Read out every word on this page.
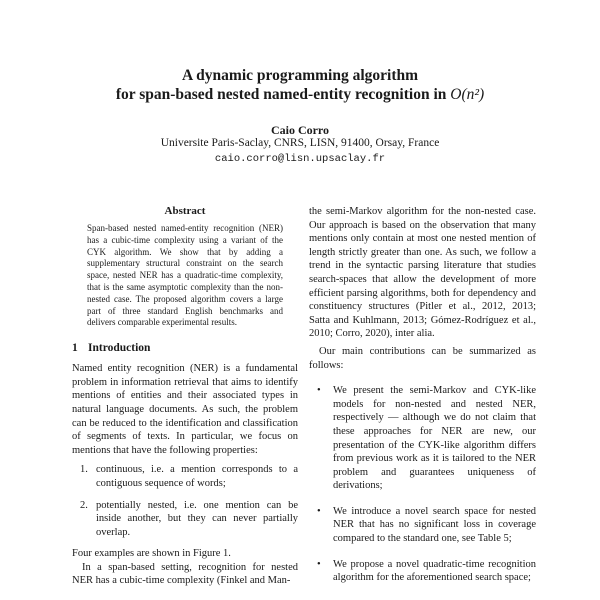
A dynamic programming algorithm
for span-based nested named-entity recognition in O(n²)
Caio Corro
Universite Paris-Saclay, CNRS, LISN, 91400, Orsay, France
caio.corro@lisn.upsaclay.fr
Abstract

Span-based nested named-entity recognition (NER) has a cubic-time complexity using a variant of the CYK algorithm. We show that by adding a supplementary structural constraint on the search space, nested NER has a quadratic-time complexity, that is the same asymptotic complexity than the non-nested case. The proposed algorithm covers a large part of three standard English benchmarks and delivers comparable experimental results.

1 Introduction

Named entity recognition (NER) is a fundamental problem in information retrieval that aims to identify mentions of entities and their associated types in natural language documents. As such, the problem can be reduced to the identification and classification of segments of texts. In particular, we focus on mentions that have the following properties:

1. continuous, i.e. a mention corresponds to a contiguous sequence of words;
2. potentially nested, i.e. one mention can be inside another, but they can never partially overlap.

Four examples are shown in Figure 1.

In a span-based setting, recognition for nested NER has a cubic-time complexity (Finkel and Man-

the semi-Markov algorithm for the non-nested case. Our approach is based on the observation that many mentions only contain at most one nested mention of length strictly greater than one. As such, we follow a trend in the syntactic parsing literature that studies search-spaces that allow the development of more efficient parsing algorithms, both for dependency and constituency structures (Pitler et al., 2012, 2013; Satta and Kuhlmann, 2013; Gómez-Rodríguez et al., 2010; Corro, 2020), inter alia.

Our main contributions can be summarized as follows:

•	We present the semi-Markov and CYK-like models for non-nested and nested NER, respectively — although we do not claim that these approaches for NER are new, our presentation of the CYK-like algorithm differs from previous work as it is tailored to the NER problem and guarantees uniqueness of derivations;
•	We introduce a novel search space for nested NER that has no significant loss in coverage compared to the standard one, see Table 5;
•	We propose a novel quadratic-time recognition algorithm for the aforementioned search space;
